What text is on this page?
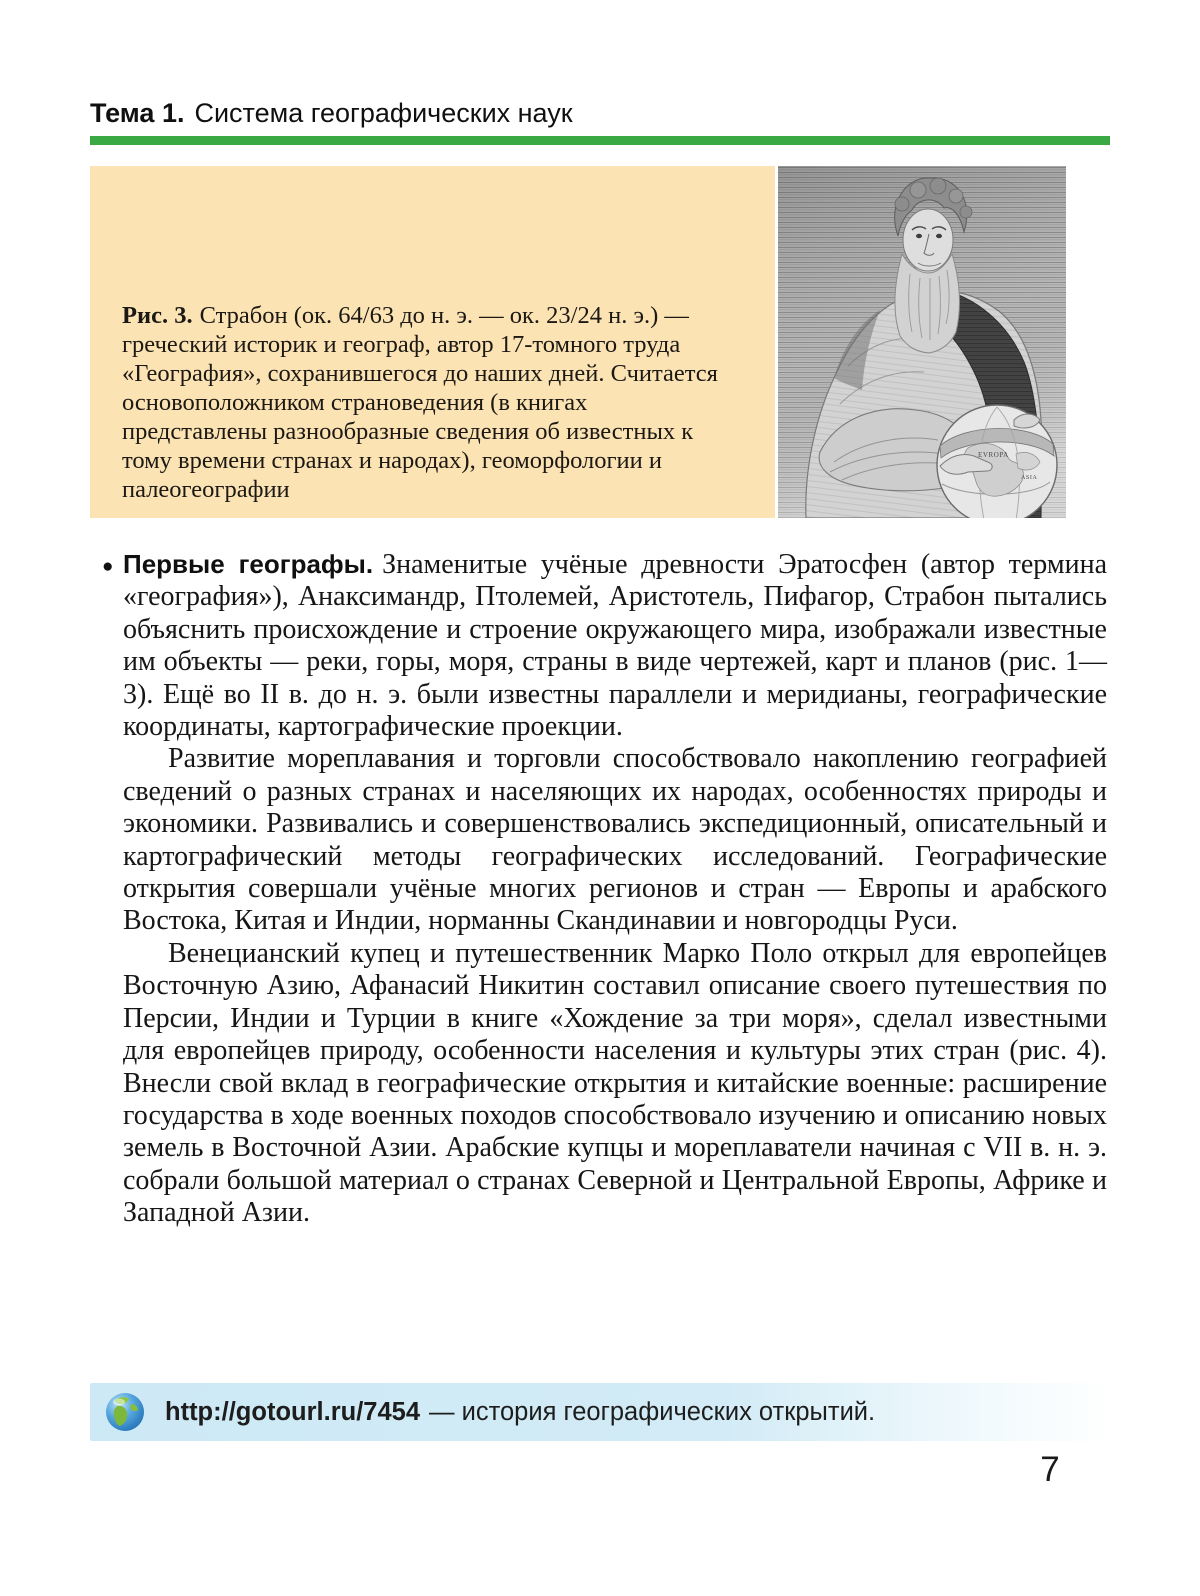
Тема 1. Система географических наук

Рис. 3. Страбон (ок. 64/63 до н. э. — ок. 23/24 н. э.) — греческий историк и географ, автор 17-томного труда «География», сохранившегося до наших дней. Считается основоположником страноведения (в книгах представлены разнообразные сведения об известных к тому времени странах и народах), геоморфологии и палеогеографии

EVROPA
ASIA

● Первые географы. Знаменитые учёные древности Эратосфен (автор термина «география»), Анаксимандр, Птолемей, Аристотель, Пифагор, Страбон пытались объяснить происхождение и строение окружающего мира, изображали известные им объекты — реки, горы, моря, страны в виде чертежей, карт и планов (рис. 1—3). Ещё во II в. до н. э. были известны параллели и меридианы, географические координаты, картографические проекции.

Развитие мореплавания и торговли способствовало накоплению географией сведений о разных странах и населяющих их народах, особенностях природы и экономики. Развивались и совершенствовались экспедиционный, описательный и картографический методы географических исследований. Географические открытия совершали учёные многих регионов и стран — Европы и арабского Востока, Китая и Индии, норманны Скандинавии и новгородцы Руси.

Венецианский купец и путешественник Марко Поло открыл для европейцев Восточную Азию, Афанасий Никитин составил описание своего путешествия по Персии, Индии и Турции в книге «Хождение за три моря», сделал известными для европейцев природу, особенности населения и культуры этих стран (рис. 4). Внесли свой вклад в географические открытия и китайские военные: расширение государства в ходе военных походов способствовало изучению и описанию новых земель в Восточной Азии. Арабские купцы и мореплаватели начиная с VII в. н. э. собрали большой материал о странах Северной и Центральной Европы, Африке и Западной Азии.

http://gotourl.ru/7454 — история географических открытий.
7
